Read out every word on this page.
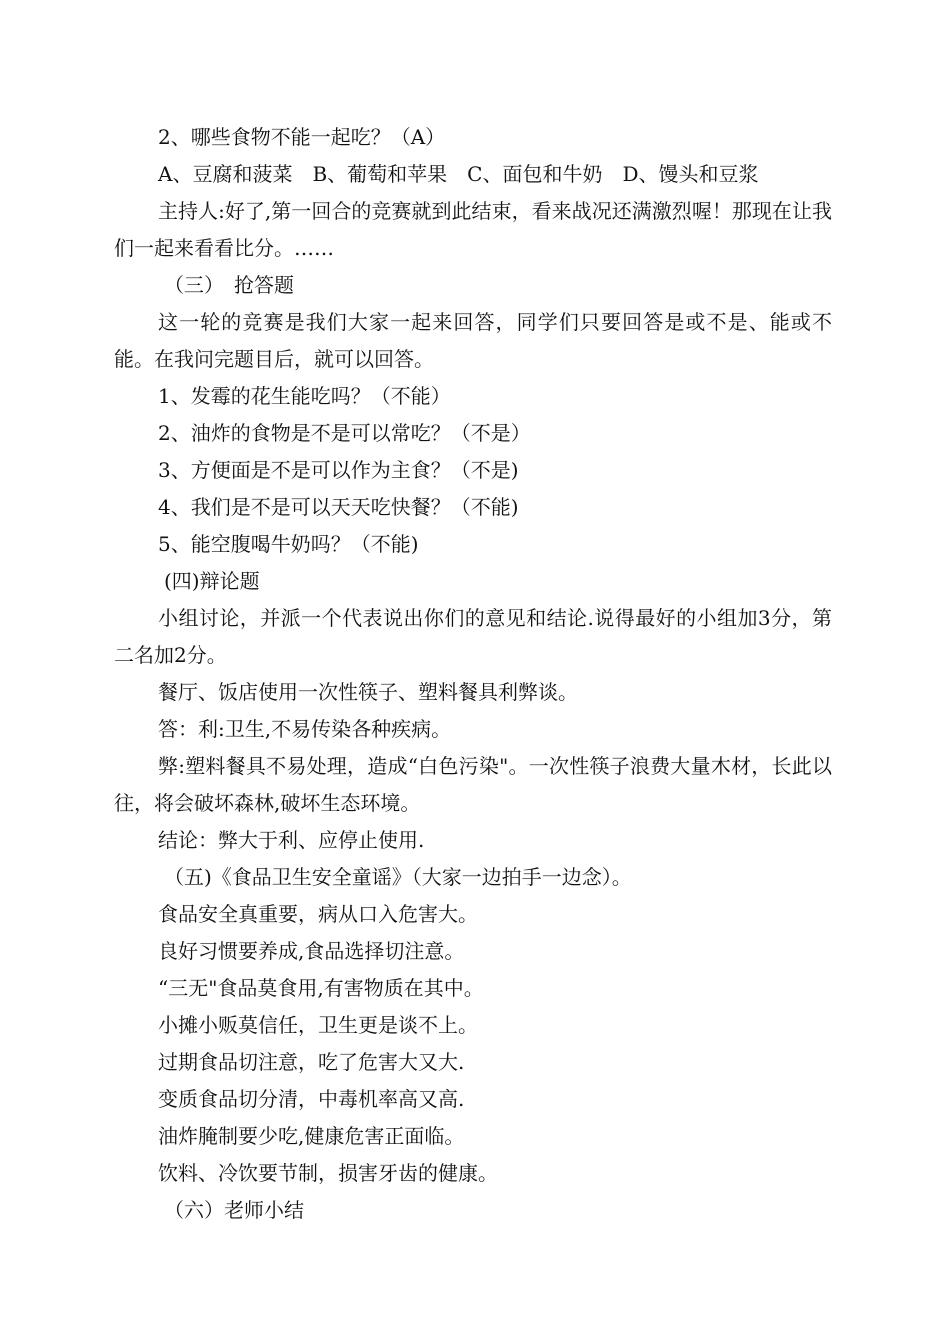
2、哪些食物不能一起吃？（A）

A、豆腐和菠菜　B、葡萄和苹果　C、面包和牛奶　D、馒头和豆浆

主持人:好了,第一回合的竞赛就到此结束，看来战况还满激烈喔！那现在让我们一起来看看比分。……

（三）　抢答题

这一轮的竞赛是我们大家一起来回答，同学们只要回答是或不是、能或不能。在我问完题目后，就可以回答。

1、发霉的花生能吃吗？（不能）

2、油炸的食物是不是可以常吃？（不是）

3、方便面是不是可以作为主食？（不是)

4、我们是不是可以天天吃快餐？（不能)

5、能空腹喝牛奶吗？（不能)

(四)辩论题

小组讨论，并派一个代表说出你们的意见和结论.说得最好的小组加3分，第二名加2分。

餐厅、饭店使用一次性筷子、塑料餐具利弊谈。

答：利:卫生,不易传染各种疾病。

弊:塑料餐具不易处理，造成“白色污染"。一次性筷子浪费大量木材，长此以往，将会破坏森林,破坏生态环境。

结论：弊大于利、应停止使用.

（五)《食品卫生安全童谣》（大家一边拍手一边念）。

食品安全真重要，病从口入危害大。

良好习惯要养成,食品选择切注意。

“三无"食品莫食用,有害物质在其中。

小摊小贩莫信任，卫生更是谈不上。

过期食品切注意，吃了危害大又大.

变质食品切分清，中毒机率高又高.

油炸腌制要少吃,健康危害正面临。

饮料、冷饮要节制，损害牙齿的健康。

（六）老师小结
